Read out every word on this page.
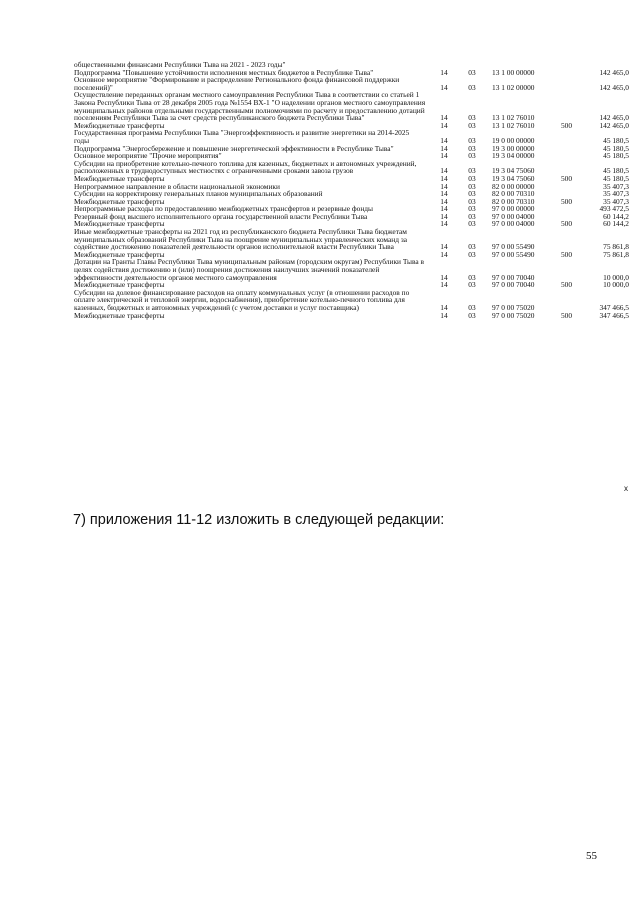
общественными финансами Республики Тыва на 2021 - 2023 годы"					
Подпрограмма "Повышение устойчивости исполнения местных бюджетов в Республике Тыва"	14	03	13 1 00 00000		142 465,0
Основное мероприятие "Формирование и распределение Регионального фонда финансовой поддержки поселений)"	14	03	13 1 02 00000		142 465,0
Осуществление переданных органам местного самоуправления Республики Тыва в соответствии со статьей 1 Закона Республики Тыва от 28 декабря 2005 года №1554 ВХ-1 "О наделении органов местного самоуправления муниципальных районов отдельными государственными полномочиями по расчету и предоставлению дотаций поселениям Республики Тыва за счет средств республиканского бюджета Республики Тыва"	14	03	13 1 02 76010		142 465,0
Межбюджетные трансферты	14	03	13 1 02 76010	500	142 465,0
Государственная программа Республики Тыва "Энергоэффективность и развитие энергетики на 2014-2025 годы	14	03	19 0 00 00000		45 180,5
Подпрограмма "Энергосбережение и повышение энергетической эффективности в Республике Тыва"	14	03	19 3 00 00000		45 180,5
Основное мероприятие "Прочие мероприятия"	14	03	19 3 04 00000		45 180,5
Субсидии на приобретение котельно-печного топлива для казенных, бюджетных и автономных учреждений, расположенных в труднодоступных местностях с ограниченными сроками завоза грузов	14	03	19 3 04 75060		45 180,5
Межбюджетные трансферты	14	03	19 3 04 75060	500	45 180,5
Непрограммное направление в области национальной экономики	14	03	82 0 00 00000		35 407,3
Субсидии на корректировку генеральных планов муниципальных образований	14	03	82 0 00 70310		35 407,3
Межбюджетные трансферты	14	03	82 0 00 70310	500	35 407,3
Непрограммные расходы по предоставлению межбюджетных трансфертов и резервные фонды	14	03	97 0 00 00000		493 472,5
Резервный фонд высшего исполнительного органа государственной власти Республики Тыва	14	03	97 0 00 04000		60 144,2
Межбюджетные трансферты	14	03	97 0 00 04000	500	60 144,2
Иные межбюджетные трансферты на 2021 год из республиканского бюджета Республики Тыва бюджетам муниципальных образований Республики Тыва на поощрение муниципальных управленческих команд за содействие достижению показателей деятельности органов исполнительной власти Республики Тыва	14	03	97 0 00 55490		75 861,8
Межбюджетные трансферты	14	03	97 0 00 55490	500	75 861,8
Дотации на Гранты Главы Республики Тыва муниципальным районам (городским округам) Республики Тыва в целях содействия достижению и (или) поощрения достижения наилучших значений показателей эффективности деятельности органов местного самоуправления	14	03	97 0 00 70040		10 000,0
Межбюджетные трансферты	14	03	97 0 00 70040	500	10 000,0
Субсидии на долевое финансирование расходов на оплату коммунальных услуг (в отношении расходов по оплате электрической и тепловой энергии, водоснабжения), приобретение котельно-печного топлива для казенных, бюджетных и автономных учреждений (с учетом доставки и услуг поставщика)	14	03	97 0 00 75020		347 466,5
Межбюджетные трансферты	14	03	97 0 00 75020	500	347 466,5
х
7) приложения 11-12 изложить в следующей редакции:
55
